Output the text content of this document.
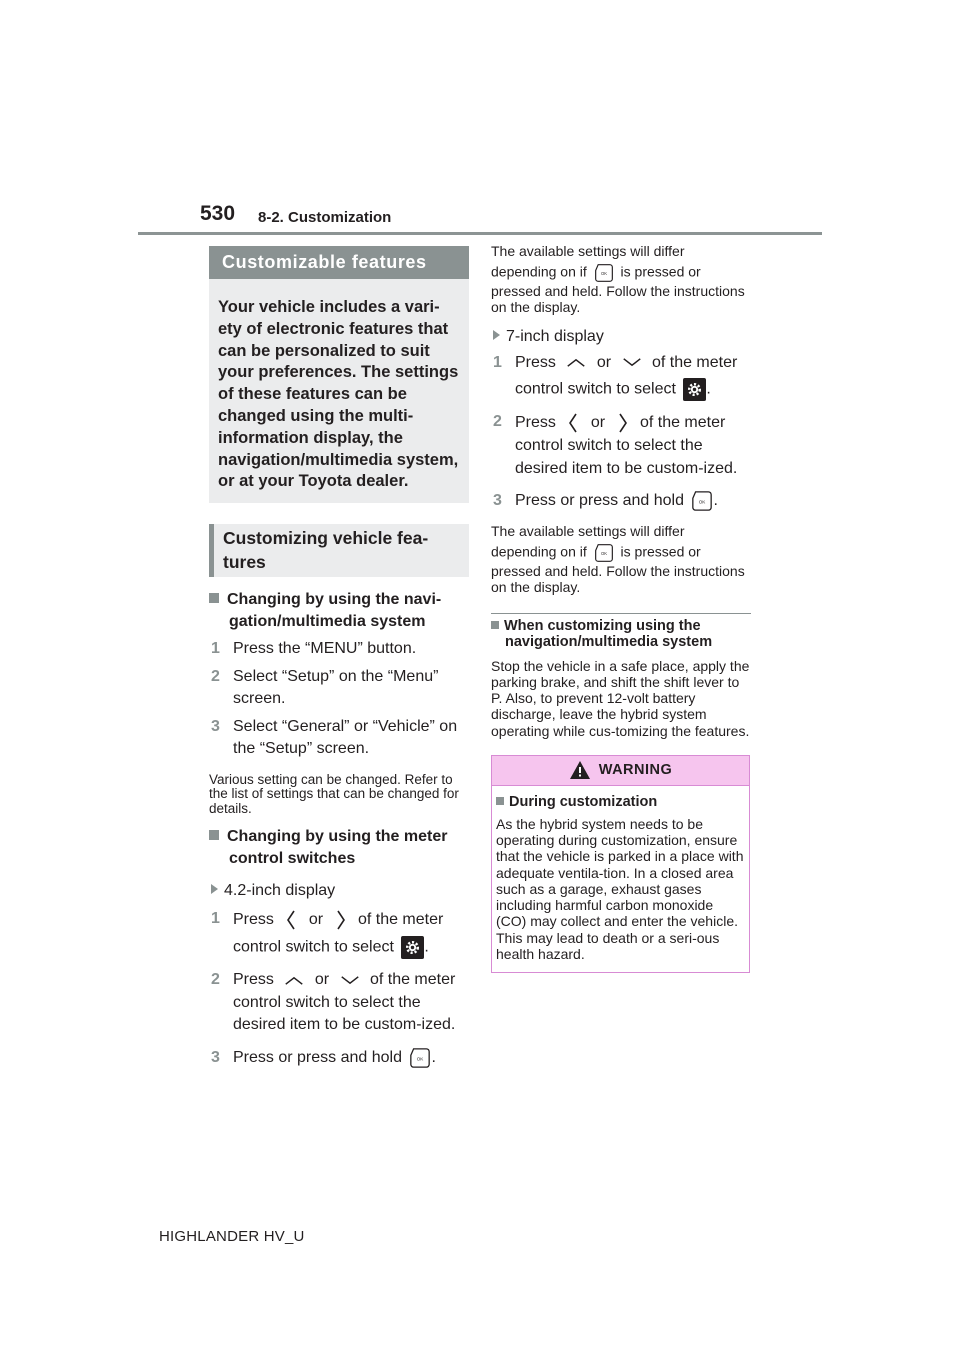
530 8-2. Customization
Customizable features
Your vehicle includes a vari-ety of electronic features that can be personalized to suit your preferences. The settings of these features can be changed using the multi-information display, the navigation/multimedia system, or at your Toyota dealer.
Customizing vehicle fea-tures
Changing by using the navi-gation/multimedia system
1 Press the “MENU” button.
2 Select “Setup” on the “Menu” screen.
3 Select “General” or “Vehicle” on the “Setup” screen.
Various setting can be changed. Refer to the list of settings that can be changed for details.
Changing by using the meter control switches
4.2-inch display
1 Press or of the meter
control switch to select .
2 Press	or	of the meter
control switch to select the desired item to be custom-ized.
3 Press or press and hold .
The available settings will differ
depending on if is pressed or pressed and held. Follow the instructions on the display.
7-inch display
1 Press	or	of the meter
control switch to select .
2 Press or of the meter
control switch to select the desired item to be custom-ized.
3 Press or press and hold .
The available settings will differ
depending on if is pressed or pressed and held. Follow the instructions on the display.
When customizing using the navigation/multimedia system
Stop the vehicle in a safe place, apply the parking brake, and shift the shift lever to P. Also, to prevent 12-volt battery discharge, leave the hybrid system operating while cus-tomizing the features.
WARNING
During customization
As the hybrid system needs to be operating during customization, ensure that the vehicle is parked in a place with adequate ventila-tion. In a closed area such as a garage, exhaust gases including harmful carbon monoxide (CO) may collect and enter the vehicle. This may lead to death or a seri-ous health hazard.
HIGHLANDER HV_U
